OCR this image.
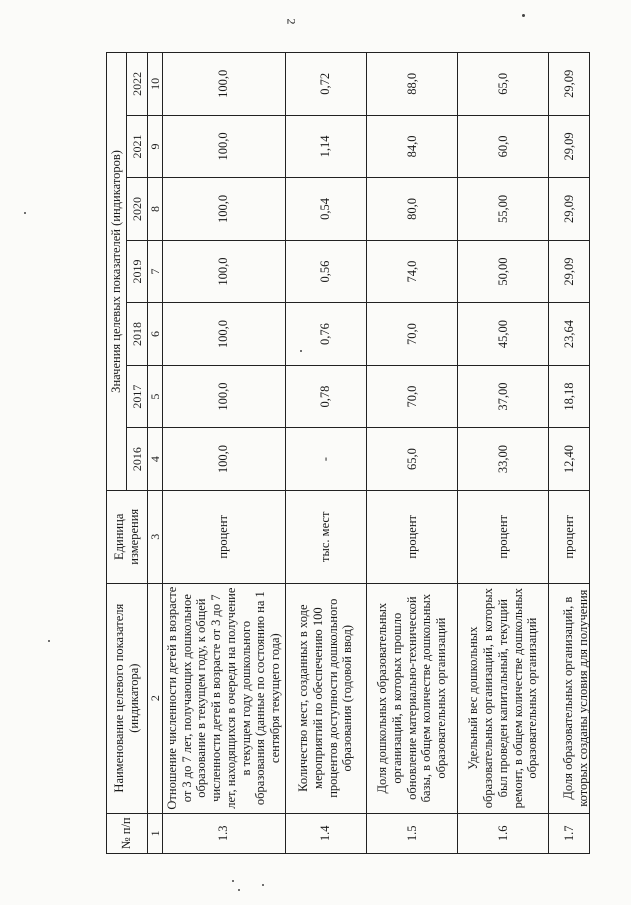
2
№ п/п	Наименование целевого показателя (индикатора)	Единица измерения	Значения целевых показателей (индикаторов)						
			2016	2017	2018	2019	2020	2021	2022
1	2	3	4	5	6	7	8	9	10
1.3	Отношение численности детей в возрасте от 3 до 7 лет, получающих дошкольное образование в текущем году, к общей численности детей в возрасте от 3 до 7 лет, находящихся в очереди на получение в текущем году дошкольного образования (данные по состоянию на 1 сентября текущего года)	процент	100,0	100,0	100,0	100,0	100,0	100,0	100,0
1.4	Количество мест, созданных в ходе мероприятий по обеспечению 100 процентов доступности дошкольного образования (годовой ввод)	тыс. мест	-	0,78	0,76	0,56	0,54	1,14	0,72
1.5	Доля дошкольных образовательных организаций, в которых прошло обновление материально-технической базы, в общем количестве дошкольных образовательных организаций	процент	65,0	70,0	70,0	74,0	80,0	84,0	88,0
1.6	Удельный вес дошкольных образовательных организаций, в которых был проведен капитальный, текущий ремонт, в общем количестве дошкольных образовательных организаций	процент	33,00	37,00	45,00	50,00	55,00	60,0	65,0
1.7	Доля образовательных организаций, в которых созданы условия для получения	процент	12,40	18,18	23,64	29,09	29,09	29,09	29,09
